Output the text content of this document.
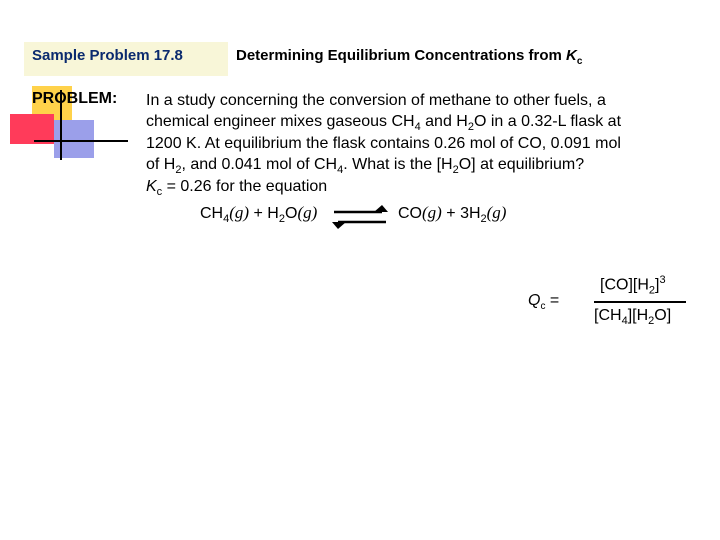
Sample Problem 17.8	Determining Equilibrium Concentrations from $K_c$
PROBLEM: In a study concerning the conversion of methane to other fuels, a
chemical engineer mixes gaseous $CH_4$ and $H_2O$ in a 0.32-L flask at
1200 K. At equilibrium the flask contains 0.26 mol of CO, 0.091 mol
of $H_2$, and 0.041 mol of $CH_4$. What is the $[H_2O]$ at equilibrium?
$K_c = 0.26$ for the equation
$CH_4(g) + H_2O(g)$ ⇌ $CO(g) + 3H_2(g)$
$Q_c$ =
$[CO][H_2]^3$
$[CH_4][H_2O]$
